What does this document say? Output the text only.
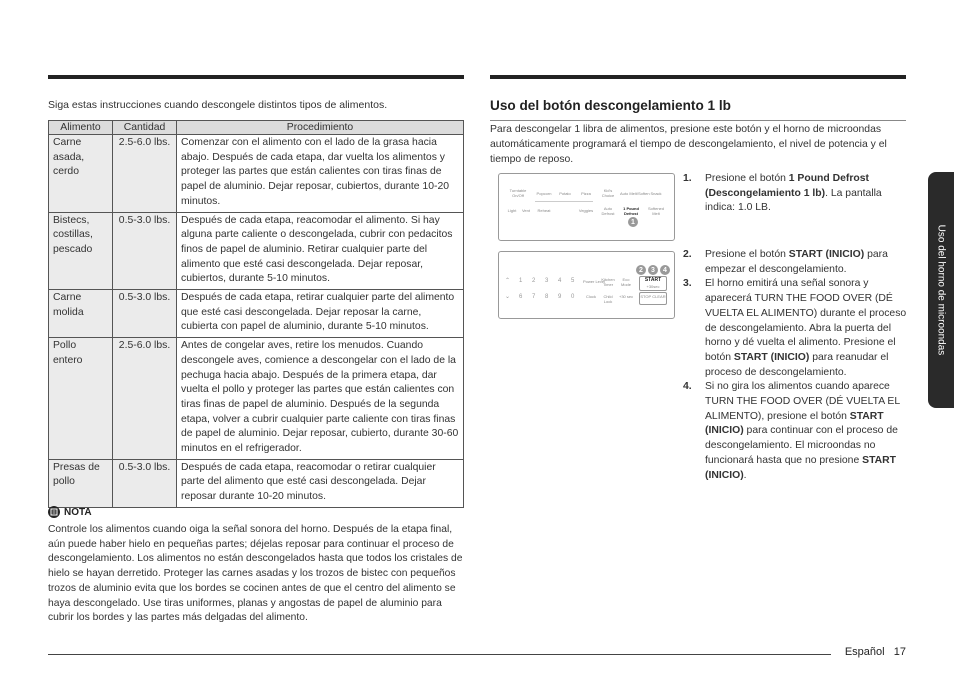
Siga estas instrucciones cuando descongele distintos tipos de alimentos.
Alimento	Cantidad	Procedimiento
Carne asada, cerdo	2.5-6.0 lbs.	Comenzar con el alimento con el lado de la grasa hacia abajo. Después de cada etapa, dar vuelta los alimentos y proteger las partes que están calientes con tiras finas de papel de aluminio. Dejar reposar, cubiertos, durante 10-20 minutos.
Bistecs, costillas, pescado	0.5-3.0 lbs.	Después de cada etapa, reacomodar el alimento. Si hay alguna parte caliente o descongelada, cubrir con pedacitos finos de papel de aluminio. Retirar cualquier parte del alimento que esté casi descongelada. Dejar reposar, cubiertos, durante 5-10 minutos.
Carne molida	0.5-3.0 lbs.	Después de cada etapa, retirar cualquier parte del alimento que esté casi descongelada. Dejar reposar la carne, cubierta con papel de aluminio, durante 5-10 minutos.
Pollo entero	2.5-6.0 lbs.	Antes de congelar aves, retire los menudos. Cuando descongele aves, comience a descongelar con el lado de la pechuga hacia abajo. Después de la primera etapa, dar vuelta el pollo y proteger las partes que están calientes con tiras finas de papel de aluminio. Después de la segunda etapa, volver a cubrir cualquier parte caliente con tiras finas de papel de aluminio. Dejar reposar, cubierto, durante 30-60 minutos en el refrigerador.
Presas de pollo	0.5-3.0 lbs.	Después de cada etapa, reacomodar o retirar cualquier parte del alimento que esté casi descongelada. Dejar reposar durante 10-20 minutos.
NOTA
Controle los alimentos cuando oiga la señal sonora del horno. Después de la etapa final, aún puede haber hielo en pequeñas partes; déjelas reposar para continuar el proceso de descongelamiento. Los alimentos no están descongelados hasta que todos los cristales de hielo se hayan derretido. Proteger las carnes asadas y los trozos de bistec con pequeños trozos de aluminio evita que los bordes se cocinen antes de que el centro del alimento se haya descongelado. Use tiras uniformes, planas y angostas de papel de aluminio para cubrir los bordes y las partes más delgadas del alimento.
Uso del botón descongelamiento 1 lb
Para descongelar 1 libra de alimentos, presione este botón y el horno de microondas automáticamente programará el tiempo de descongelamiento, el nivel de potencia y el tiempo de reposo.
Turntable On/Off	Popcorn	Potato	Pizza
Kid's Choice	Auto Melt/Soften Snack
Light	Vent	Reheat	Veggies	Auto Defrost
1 Pound Defrost
Softened Melt
1
⌃
⌄
1 2 3 4 5
6 7 8 9 0
Power Level
Kitchen Timer
Eco Mode
Clock	Child Lock
+30 sec
START
+30sec
STOP CLEAR
2	3	4
1.	Presione el botón 1 Pound Defrost (Descongelamiento 1 lb). La pantalla indica: 1.0 LB.
2.	Presione el botón START (INICIO) para empezar el descongelamiento.
3.	El horno emitirá una señal sonora y aparecerá TURN THE FOOD OVER (DÉ VUELTA EL ALIMENTO) durante el proceso de descongelamiento. Abra la puerta del horno y dé vuelta el alimento. Presione el botón START (INICIO) para reanudar el proceso de descongelamiento.
4.	Si no gira los alimentos cuando aparece TURN THE FOOD OVER (DÉ VUELTA EL ALIMENTO), presione el botón START (INICIO) para continuar con el proceso de descongelamiento. El microondas no funcionará hasta que no presione START (INICIO).
Uso del horno de microondas
Español 17
